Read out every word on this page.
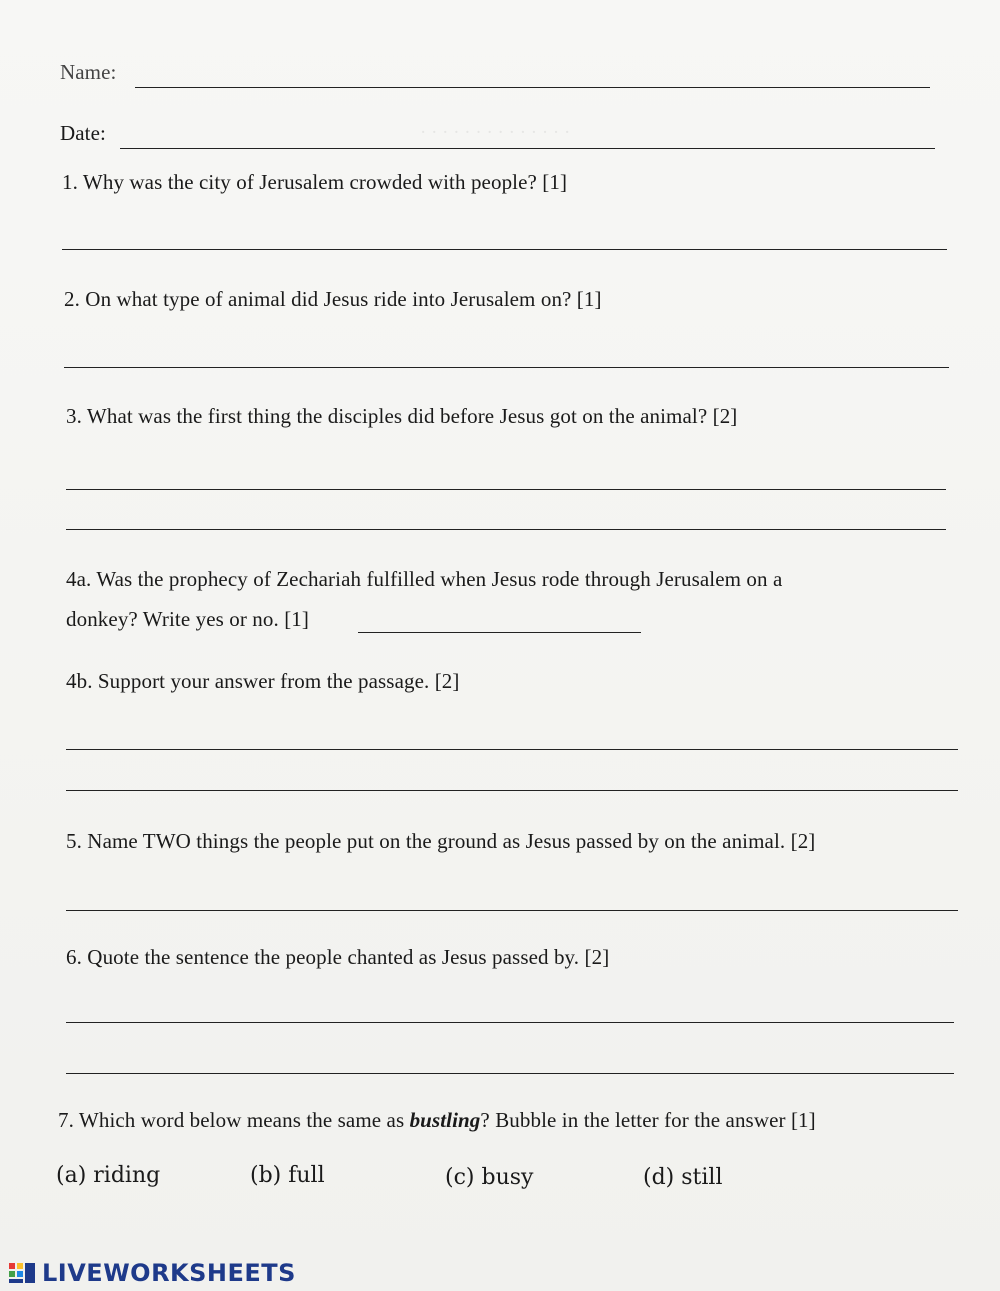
· · · · · · · · · · · · · ·
Name:
Date:
1. Why was the city of Jerusalem crowded with people? [1]
2. On what type of animal did Jesus ride into Jerusalem on? [1]
3. What was the first thing the disciples did before Jesus got on the animal? [2]
4a. Was the prophecy of Zechariah fulfilled when Jesus rode through Jerusalem on a
donkey? Write yes or no. [1]
4b. Support your answer from the passage. [2]
5. Name TWO things the people put on the ground as Jesus passed by on the animal. [2]
6. Quote the sentence the people chanted as Jesus passed by. [2]
7. Which word below means the same as bustling? Bubble in the letter for the answer [1]
(a) riding	(b) full	(c) busy	(d) still
LIVEWORKSHEETS
